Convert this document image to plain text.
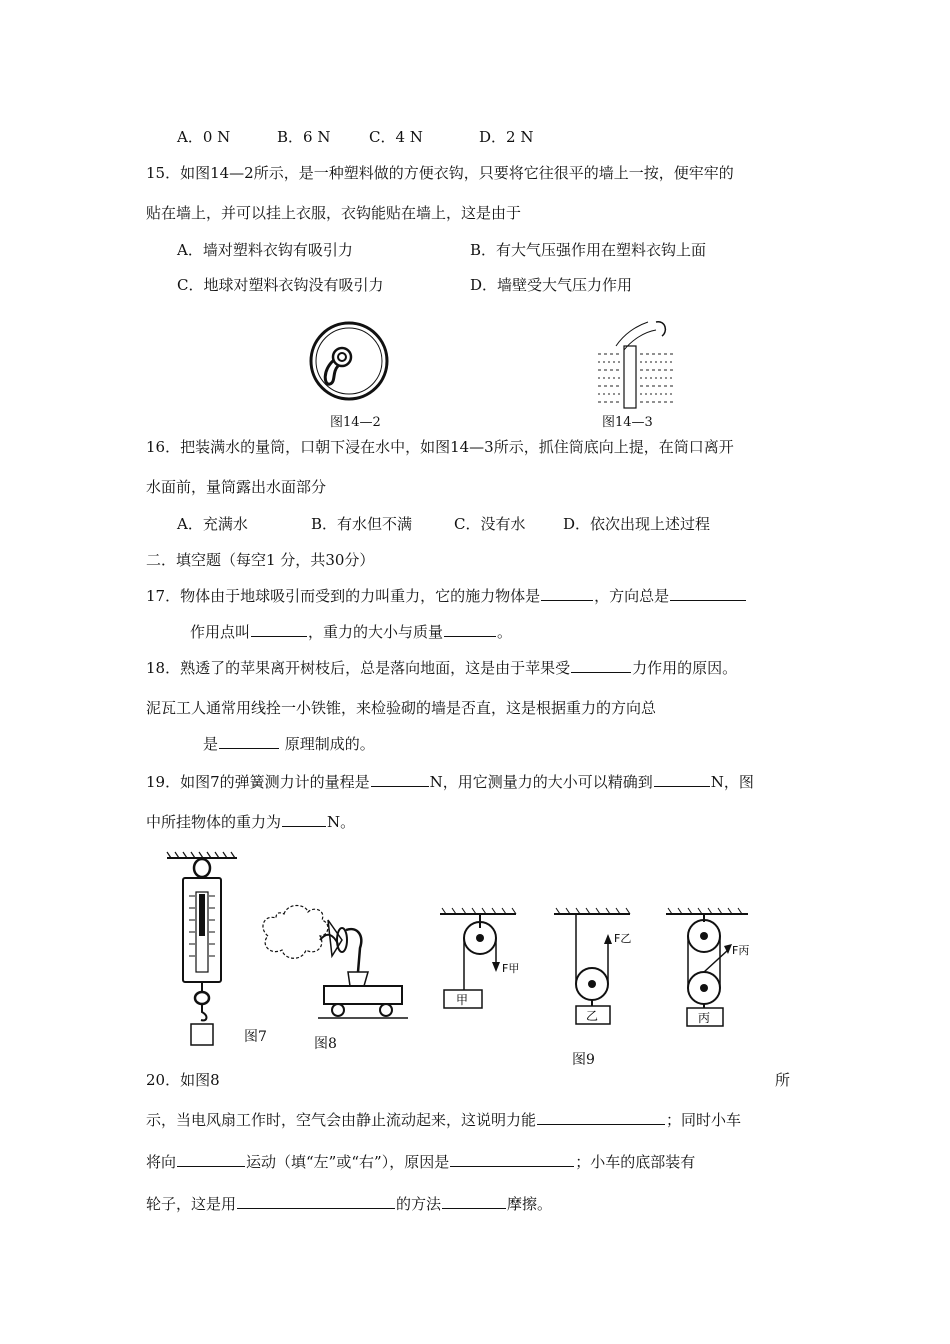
A．0 N	B．6 N	C．4 N	D．2 N
15．如图14—2所示，是一种塑料做的方便衣钩，只要将它往很平的墙上一按，便牢牢的
贴在墙上，并可以挂上衣服，衣钩能贴在墙上，这是由于
A．墙对塑料衣钩有吸引力	B．有大气压强作用在塑料衣钩上面
C．地球对塑料衣钩没有吸引力	D．墙壁受大气压力作用
图14—2	图14—3
16．把装满水的量筒，口朝下浸在水中，如图14—3所示，抓住筒底向上提，在筒口离开
水面前，量筒露出水面部分
A．充满水	B．有水但不满	C．没有水	D．依次出现上述过程
二．填空题（每空1 分，共30分）
17．物体由于地球吸引而受到的力叫重力，它的施力物体是	，方向总是
作用点叫	，重力的大小与质量	。
18．熟透了的苹果离开树枝后，总是落向地面，这是由于苹果受	力作用的原因。
泥瓦工人通常用线拴一小铁锥，来检验砌的墙是否直，这是根据重力的方向总
是	原理制成的。
19．如图7的弹簧测力计的量程是	N，用它测量力的大小可以精确到	N，图
中所挂物体的重力为	N。
图7	图8
甲
F甲
乙
F乙
丙
F丙
图9
20．如图8	所
示，当电风扇工作时，空气会由静止流动起来，这说明力能	；同时小车
将向	运动（填“左”或“右”），原因是	；小车的底部装有
轮子，这是用	的方法	摩擦。
